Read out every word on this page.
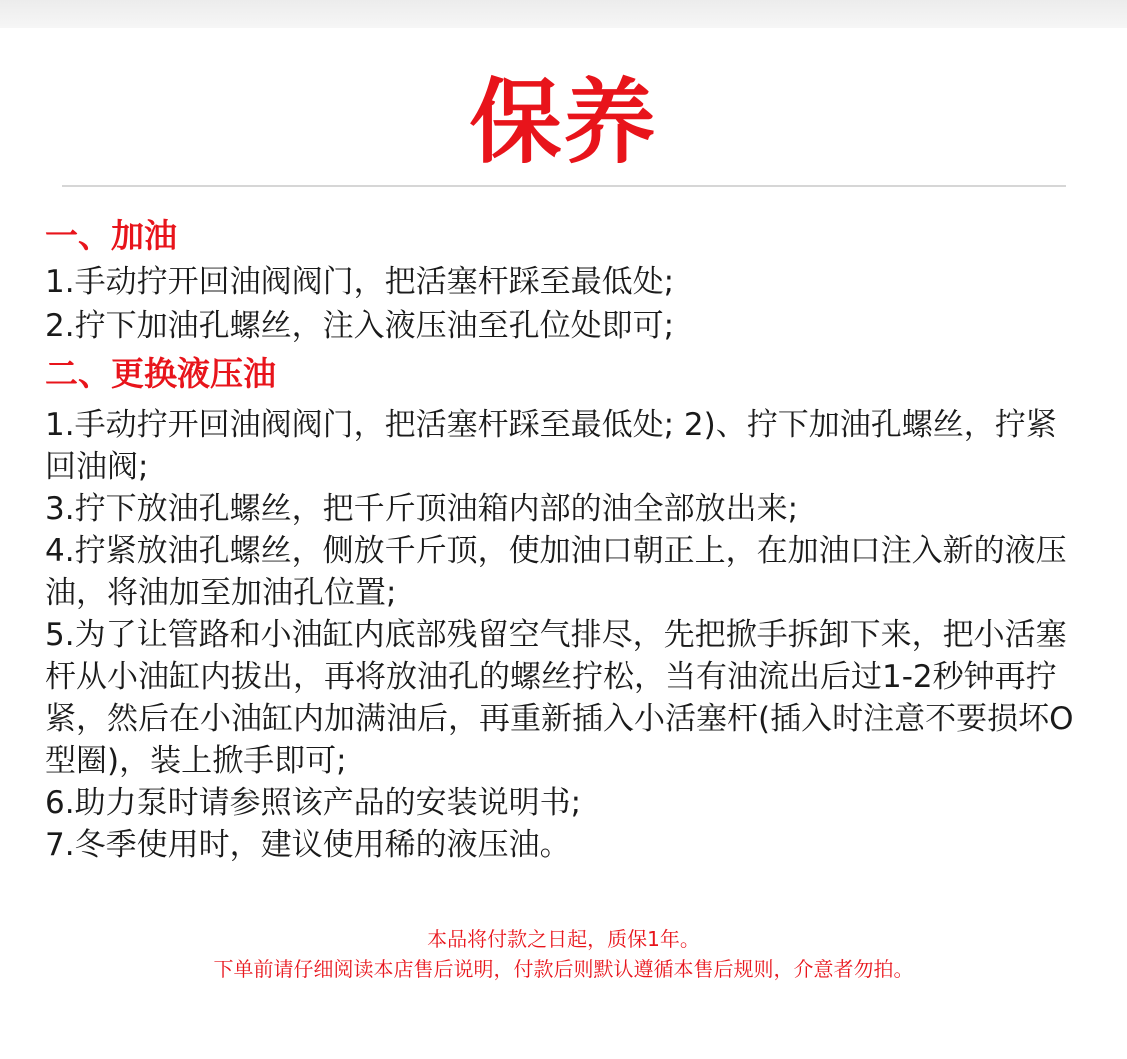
保养

一、加油

1.手动拧开回油阀阀门，把活塞杆踩至最低处;

2.拧下加油孔螺丝，注入液压油至孔位处即可;

二、更换液压油

1.手动拧开回油阀阀门，把活塞杆踩至最低处; 2)、拧下加油孔螺丝，拧紧回油阀;

3.拧下放油孔螺丝，把千斤顶油箱内部的油全部放出来;

4.拧紧放油孔螺丝，侧放千斤顶，使加油口朝正上，在加油口注入新的液压油，将油加至加油孔位置;

5.为了让管路和小油缸内底部残留空气排尽，先把掀手拆卸下来，把小活塞杆从小油缸内拔出，再将放油孔的螺丝拧松，当有油流出后过1-2秒钟再拧紧，然后在小油缸内加满油后，再重新插入小活塞杆(插入时注意不要损坏O型圈)，装上掀手即可;

6.助力泵时请参照该产品的安装说明书;

7.冬季使用时，建议使用稀的液压油。

本品将付款之日起，质保1年。
下单前请仔细阅读本店售后说明，付款后则默认遵循本售后规则，介意者勿拍。
